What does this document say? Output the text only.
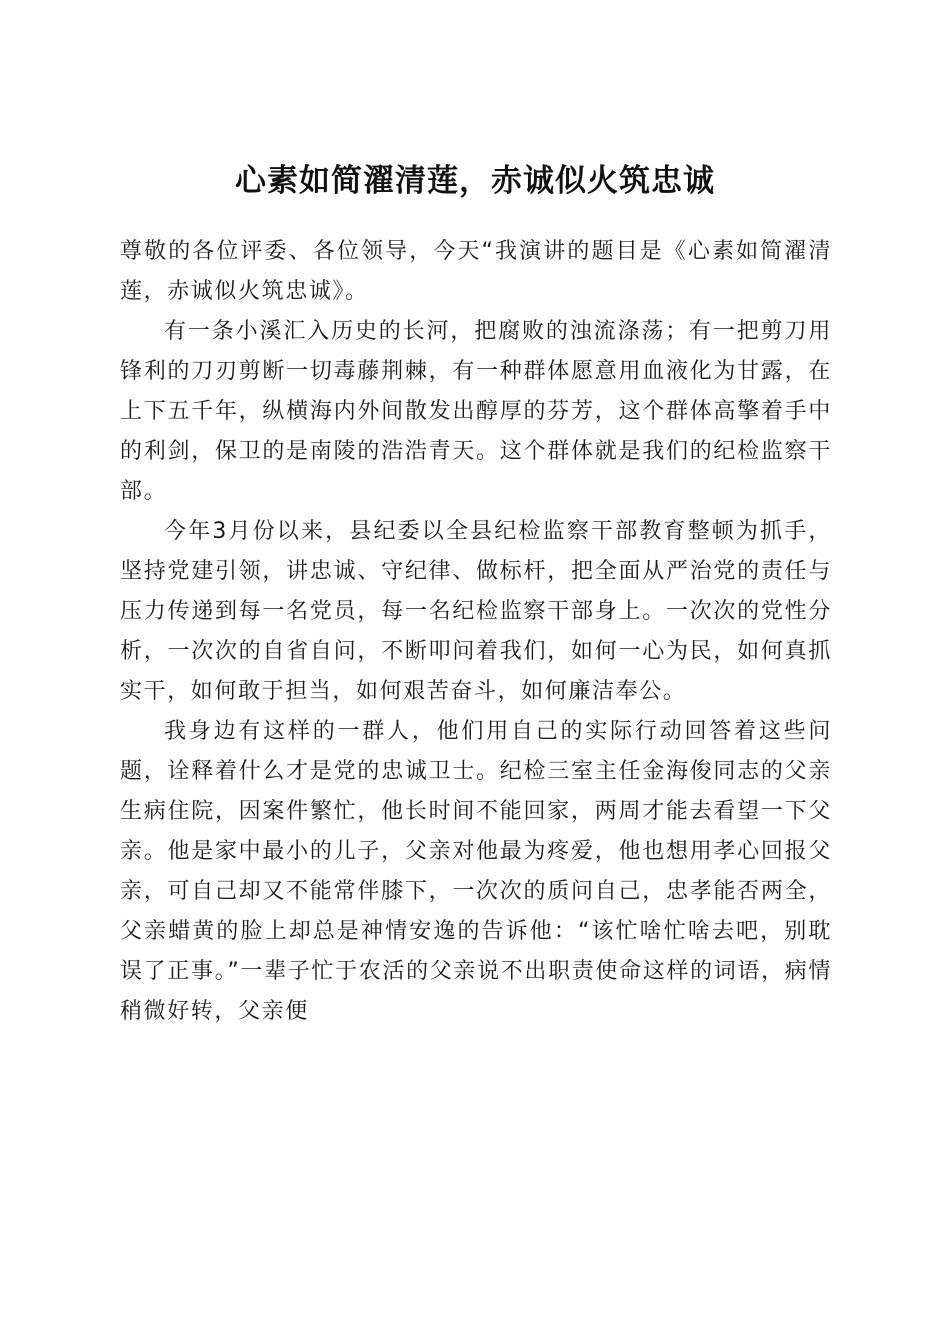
心素如简濯清莲，赤诚似火筑忠诚

尊敬的各位评委、各位领导，今天“我演讲的题目是《心素如简濯清莲，赤诚似火筑忠诚》。

有一条小溪汇入历史的长河，把腐败的浊流涤荡；有一把剪刀用锋利的刀刃剪断一切毒藤荆棘，有一种群体愿意用血液化为甘露，在上下五千年，纵横海内外间散发出醇厚的芬芳，这个群体高擎着手中的利剑，保卫的是南陵的浩浩青天。这个群体就是我们的纪检监察干部。

今年3月份以来，县纪委以全县纪检监察干部教育整顿为抓手，坚持党建引领，讲忠诚、守纪律、做标杆，把全面从严治党的责任与压力传递到每一名党员，每一名纪检监察干部身上。一次次的党性分析，一次次的自省自问，不断叩问着我们，如何一心为民，如何真抓实干，如何敢于担当，如何艰苦奋斗，如何廉洁奉公。

我身边有这样的一群人，他们用自己的实际行动回答着这些问题，诠释着什么才是党的忠诚卫士。纪检三室主任金海俊同志的父亲生病住院，因案件繁忙，他长时间不能回家，两周才能去看望一下父亲。他是家中最小的儿子，父亲对他最为疼爱，他也想用孝心回报父亲，可自己却又不能常伴膝下，一次次的质问自己，忠孝能否两全，父亲蜡黄的脸上却总是神情安逸的告诉他：“该忙啥忙啥去吧，别耽误了正事。”一辈子忙于农活的父亲说不出职责使命这样的词语，病情稍微好转，父亲便
